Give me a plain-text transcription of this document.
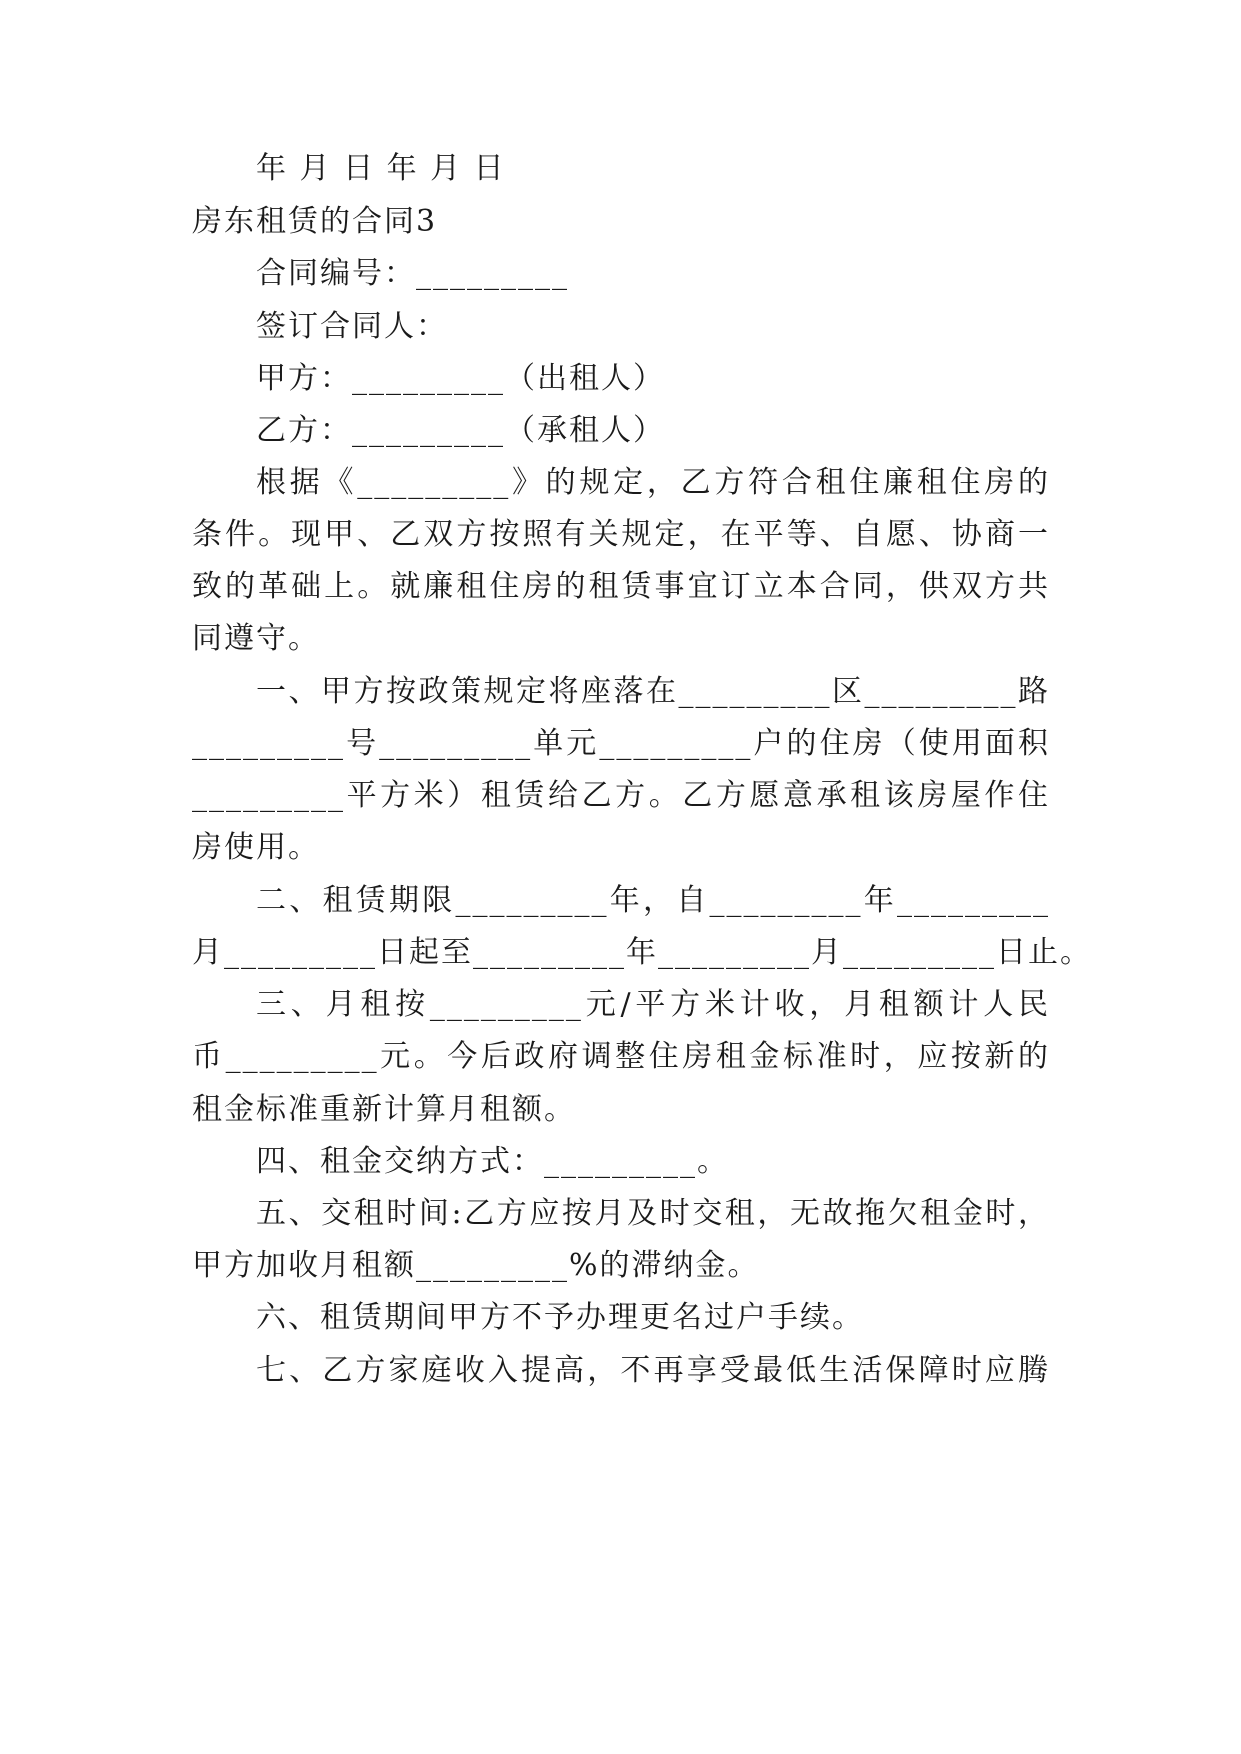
年 月 日 年 月 日
房东租赁的合同3
合同编号：_________
签订合同人：
甲方：_________（出租人）
乙方：_________（承租人）
根据《_________》的规定，乙方符合租住廉租住房的
条件。现甲、乙双方按照有关规定，在平等、自愿、协商一
致的革础上。就廉租住房的租赁事宜订立本合同，供双方共
同遵守。
一、甲方按政策规定将座落在_________区_________路
_________号_________单元_________户的住房（使用面积
_________平方米）租赁给乙方。乙方愿意承租该房屋作住
房使用。
二、租赁期限_________年，自_________年_________
月_________日起至_________年_________月_________日止。
三、月租按_________元/平方米计收，月租额计人民
币_________元。今后政府调整住房租金标准时，应按新的
租金标准重新计算月租额。
四、租金交纳方式：_________。
五、交租时间:乙方应按月及时交租，无故拖欠租金时，
甲方加收月租额_________%的滞纳金。
六、租赁期间甲方不予办理更名过户手续。
七、乙方家庭收入提高，不再享受最低生活保障时应腾
